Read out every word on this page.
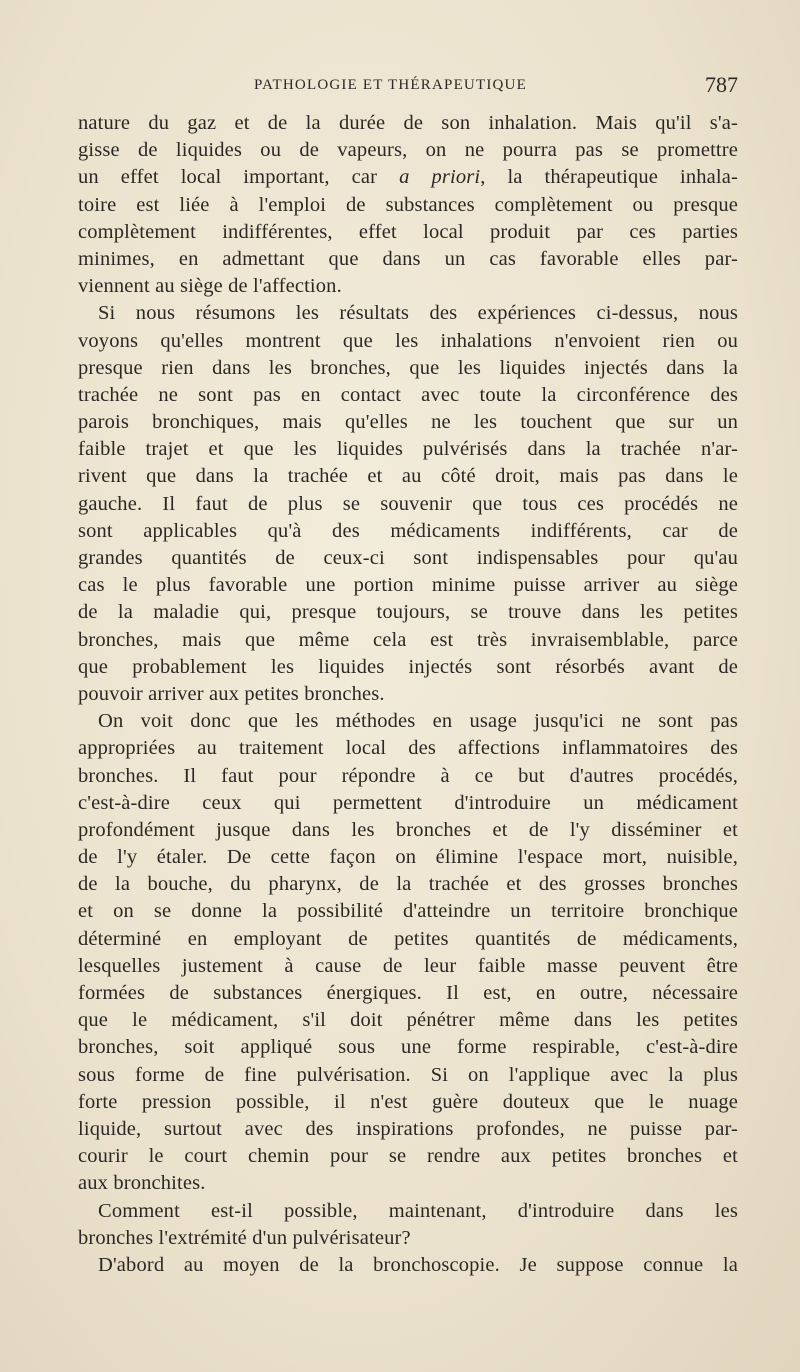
PATHOLOGIE ET THÉRAPEUTIQUE	787
nature du gaz et de la durée de son inhalation. Mais qu'il s'a-
gisse de liquides ou de vapeurs, on ne pourra pas se promettre
un effet local important, car a priori, la thérapeutique inhala-
toire est liée à l'emploi de substances complètement ou presque
complètement indifférentes, effet local produit par ces parties
minimes, en admettant que dans un cas favorable elles par-
viennent au siège de l'affection.
Si nous résumons les résultats des expériences ci-dessus, nous
voyons qu'elles montrent que les inhalations n'envoient rien ou
presque rien dans les bronches, que les liquides injectés dans la
trachée ne sont pas en contact avec toute la circonférence des
parois bronchiques, mais qu'elles ne les touchent que sur un
faible trajet et que les liquides pulvérisés dans la trachée n'ar-
rivent que dans la trachée et au côté droit, mais pas dans le
gauche. Il faut de plus se souvenir que tous ces procédés ne
sont applicables qu'à des médicaments indifférents, car de
grandes quantités de ceux-ci sont indispensables pour qu'au
cas le plus favorable une portion minime puisse arriver au siège
de la maladie qui, presque toujours, se trouve dans les petites
bronches, mais que même cela est très invraisemblable, parce
que probablement les liquides injectés sont résorbés avant de
pouvoir arriver aux petites bronches.
On voit donc que les méthodes en usage jusqu'ici ne sont pas
appropriées au traitement local des affections inflammatoires des
bronches. Il faut pour répondre à ce but d'autres procédés,
c'est-à-dire ceux qui permettent d'introduire un médicament
profondément jusque dans les bronches et de l'y disséminer et
de l'y étaler. De cette façon on élimine l'espace mort, nuisible,
de la bouche, du pharynx, de la trachée et des grosses bronches
et on se donne la possibilité d'atteindre un territoire bronchique
déterminé en employant de petites quantités de médicaments,
lesquelles justement à cause de leur faible masse peuvent être
formées de substances énergiques. Il est, en outre, nécessaire
que le médicament, s'il doit pénétrer même dans les petites
bronches, soit appliqué sous une forme respirable, c'est-à-dire
sous forme de fine pulvérisation. Si on l'applique avec la plus
forte pression possible, il n'est guère douteux que le nuage
liquide, surtout avec des inspirations profondes, ne puisse par-
courir le court chemin pour se rendre aux petites bronches et
aux bronchites.
Comment est-il possible, maintenant, d'introduire dans les
bronches l'extrémité d'un pulvérisateur?
D'abord au moyen de la bronchoscopie. Je suppose connue la
